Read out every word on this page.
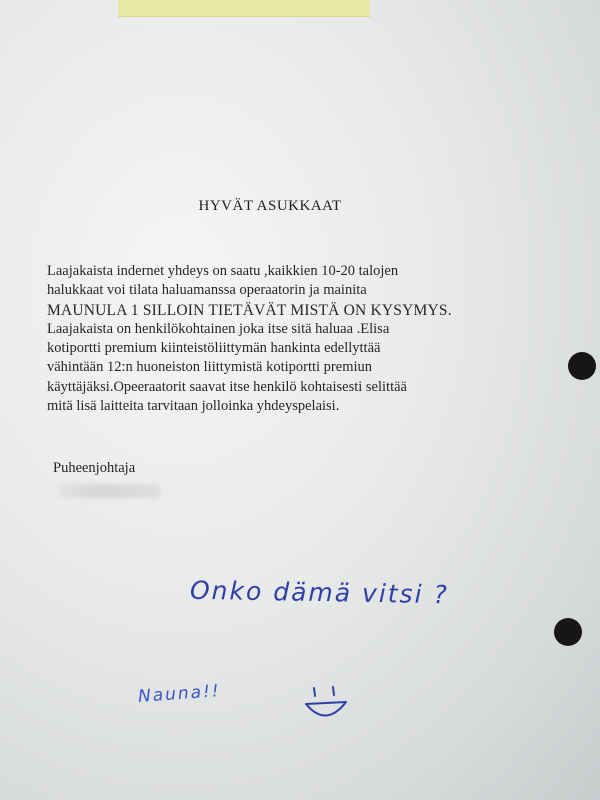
HYVÄT ASUKKAAT
Laajakaista indernet yhdeys on saatu ,kaikkien 10-20 talojen
halukkaat voi tilata haluamanssa operaatorin ja mainita
MAUNULA 1 SILLOIN TIETÄVÄT MISTÄ ON KYSYMYS.
Laajakaista on henkilökohtainen joka itse sitä haluaa .Elisa
kotiportti premium kiinteistöliittymän hankinta edellyttää
vähintään 12:n huoneiston liittymistä kotiportti premiun
käyttäjäksi.Opeeraatorit saavat itse henkilö kohtaisesti selittää
mitä lisä laitteita tarvitaan jolloinka yhdeyspelaisi.
Puheenjohtaja
Onko dämä vitsi ?
Nauna!!
